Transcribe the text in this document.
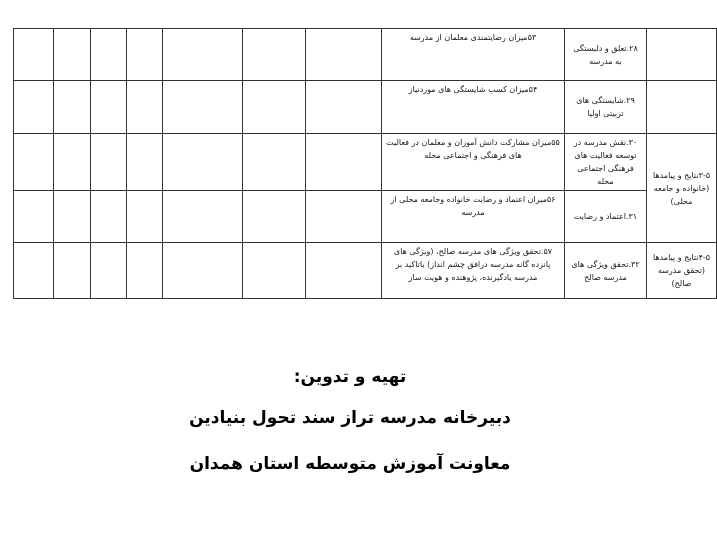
	۲۸.تعلق و دلبستگی به مدرسه	۵۳میزان رضایتمندی معلمان از مدرسه							
	۲۹.شایستگی های تربیتی اولیا	۵۴میزان کسب شایستگی های موردنیاز							
۳-۵نتایج و پیامدها (خانواده و جامعه محلی)	۳۰.نقش مدرسه در توسعه فعالیت های فرهنگی اجتماعی محله	۵۵میزان مشارکت دانش آموزان و معلمان در فعالیت های فرهنگی و اجتماعی محله							
	۳۱.اعتماد و رضایت	۵۶میزان اعتماد و رضایت خانواده وجامعه محلی از مدرسه							
۴-۵نتایج و پیامدها (تحقق مدرسه صالح)	۳۲.تحقق ویژگی های مدرسه صالح	۵۷.تحقق ویژگی های مدرسه صالح، (ویژگی های پانزده گانه مدرسه درافق چشم انداز) باتاکید بر مدرسه یادگیرنده، پژوهنده و هویت ساز							
تهیه و تدوین:
دبیرخانه مدرسه تراز سند تحول بنیادین
معاونت آموزش متوسطه استان همدان
